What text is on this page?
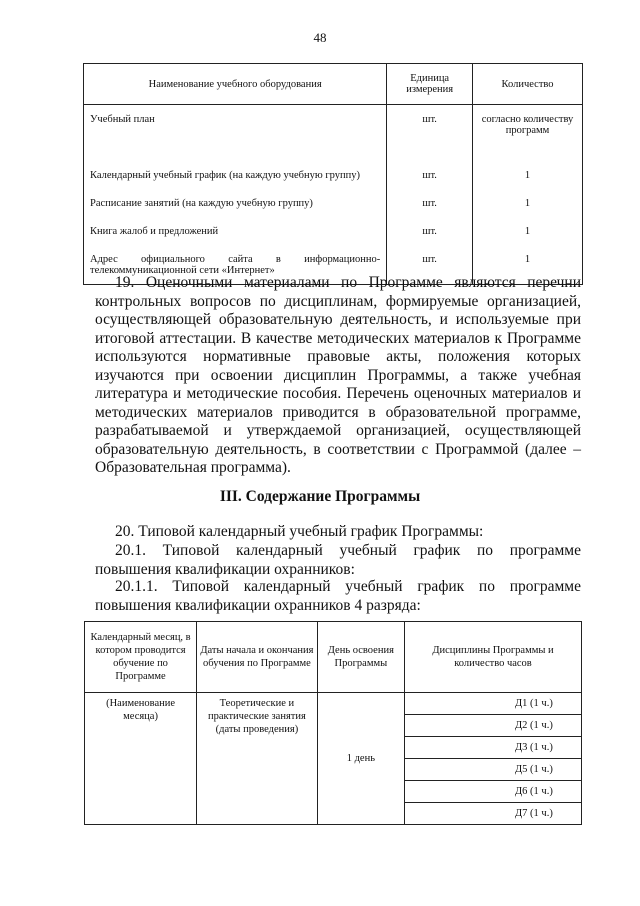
48
Наименование учебного оборудования	Единица измерения	Количество
Учебный план	шт.	согласно количеству программ
Календарный учебный график (на каждую учебную группу)	шт.	1
Расписание занятий (на каждую учебную группу)	шт.	1
Книга жалоб и предложений	шт.	1
Адрес официального сайта в информационно-телекоммуникационной сети «Интернет»	шт.	1
19. Оценочными материалами по Программе являются перечни контрольных вопросов по дисциплинам, формируемые организацией, осуществляющей образовательную деятельность, и используемые при итоговой аттестации. В качестве методических материалов к Программе используются нормативные правовые акты, положения которых изучаются при освоении дисциплин Программы, а также учебная литература и методические пособия. Перечень оценочных материалов и методических материалов приводится в образовательной программе, разрабатываемой и утверждаемой организацией, осуществляющей образовательную деятельность, в соответствии с Программой (далее – Образовательная программа).
III. Содержание Программы
20. Типовой календарный учебный график Программы:
20.1. Типовой календарный учебный график по программе повышения квалификации охранников:
20.1.1. Типовой календарный учебный график по программе повышения квалификации охранников 4 разряда:
Календарный месяц, в котором проводится обучение по Программе	Даты начала и окончания обучения по Программе	День освоения Программы	Дисциплины Программы и количество часов
(Наименование месяца)	Теоретические и практические занятия (даты проведения)	1 день	Д1 (1 ч.)
			Д2 (1 ч.)
			Д3 (1 ч.)
			Д5 (1 ч.)
			Д6 (1 ч.)
			Д7 (1 ч.)
